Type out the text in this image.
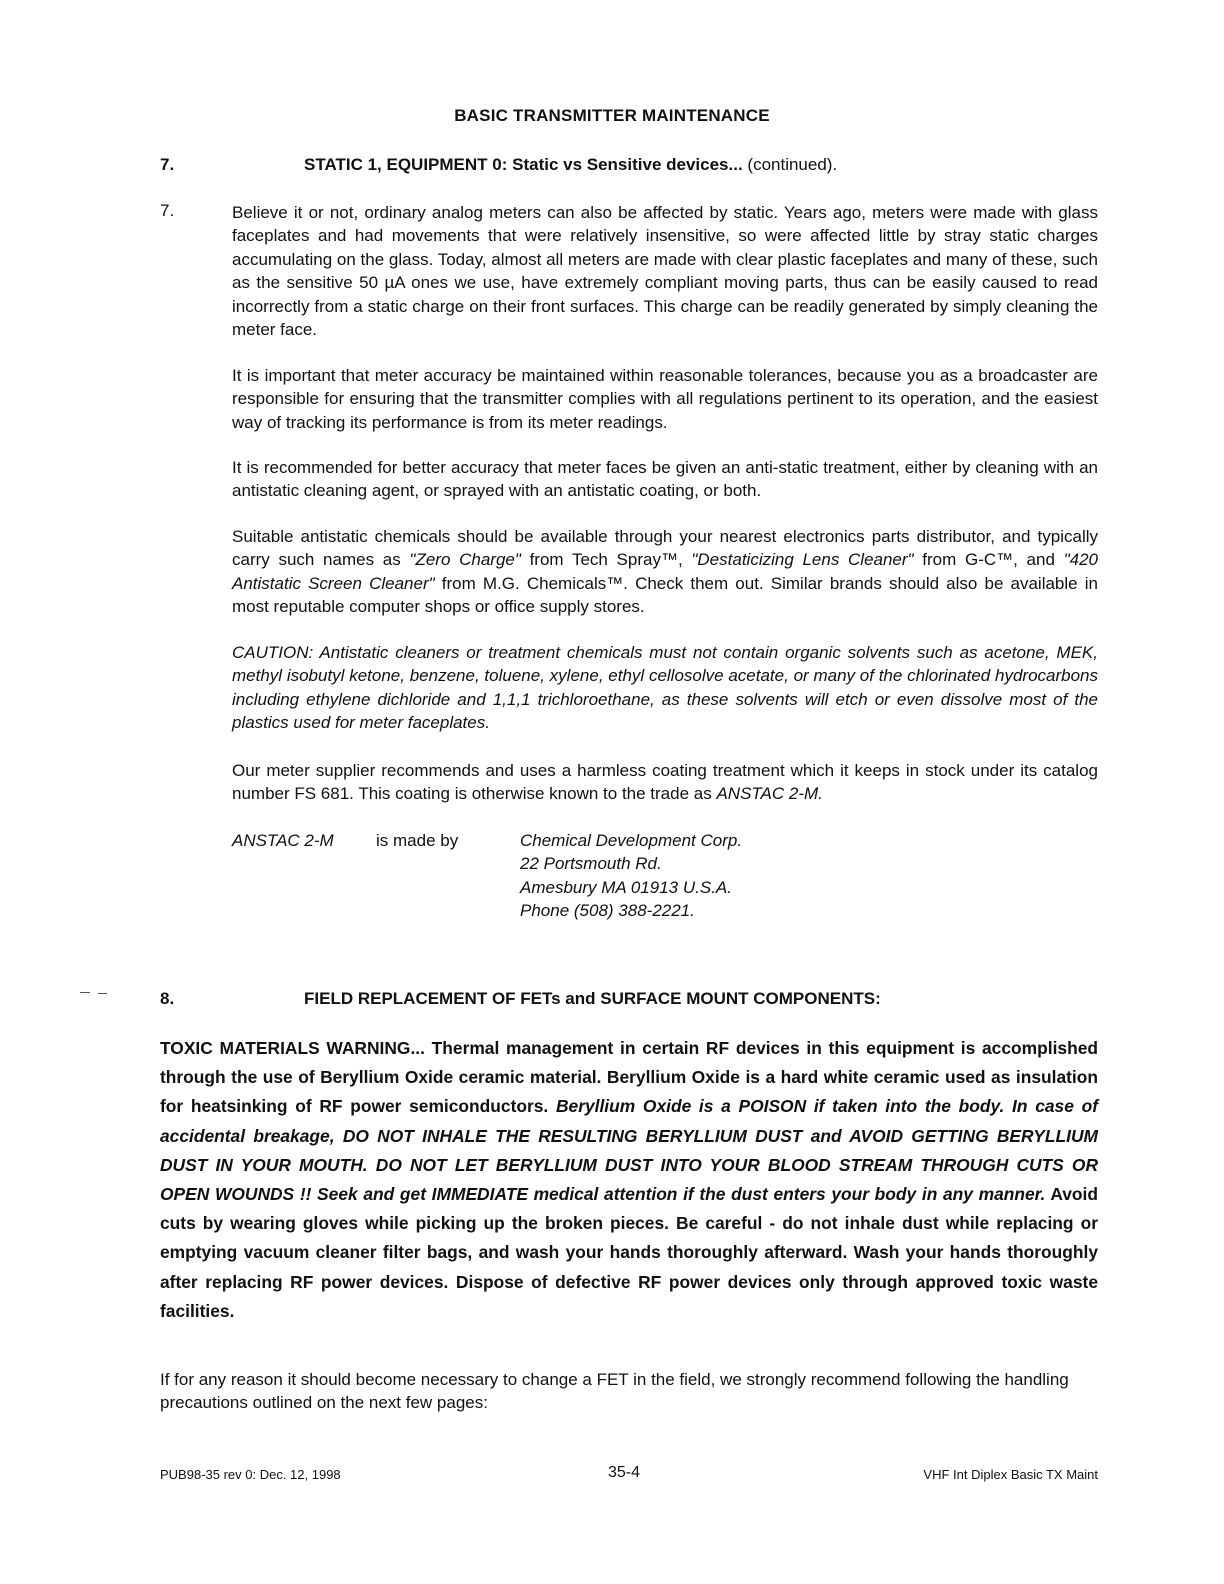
BASIC TRANSMITTER MAINTENANCE
7.	STATIC 1, EQUIPMENT 0: Static vs Sensitive devices... (continued).
7.	Believe it or not, ordinary analog meters can also be affected by static. Years ago, meters were made with glass faceplates and had movements that were relatively insensitive, so were affected little by stray static charges accumulating on the glass. Today, almost all meters are made with clear plastic faceplates and many of these, such as the sensitive 50 µA ones we use, have extremely compliant moving parts, thus can be easily caused to read incorrectly from a static charge on their front surfaces. This charge can be readily generated by simply cleaning the meter face.
It is important that meter accuracy be maintained within reasonable tolerances, because you as a broadcaster are responsible for ensuring that the transmitter complies with all regulations pertinent to its operation, and the easiest way of tracking its performance is from its meter readings.
It is recommended for better accuracy that meter faces be given an anti-static treatment, either by cleaning with an antistatic cleaning agent, or sprayed with an antistatic coating, or both.
Suitable antistatic chemicals should be available through your nearest electronics parts distributor, and typically carry such names as "Zero Charge" from Tech Spray™, "Destaticizing Lens Cleaner" from G-C™, and "420 Antistatic Screen Cleaner" from M.G. Chemicals™. Check them out. Similar brands should also be available in most reputable computer shops or office supply stores.
CAUTION: Antistatic cleaners or treatment chemicals must not contain organic solvents such as acetone, MEK, methyl isobutyl ketone, benzene, toluene, xylene, ethyl cellosolve acetate, or many of the chlorinated hydrocarbons including ethylene dichloride and 1,1,1 trichloroethane, as these solvents will etch or even dissolve most of the plastics used for meter faceplates.
Our meter supplier recommends and uses a harmless coating treatment which it keeps in stock under its catalog number FS 681. This coating is otherwise known to the trade as ANSTAC 2-M.
ANSTAC 2-M is made by	Chemical Development Corp.
22 Portsmouth Rd.
Amesbury MA 01913 U.S.A.
Phone (508) 388-2221.
8.	FIELD REPLACEMENT OF FETs and SURFACE MOUNT COMPONENTS:
TOXIC MATERIALS WARNING... Thermal management in certain RF devices in this equipment is accomplished through the use of Beryllium Oxide ceramic material. Beryllium Oxide is a hard white ceramic used as insulation for heatsinking of RF power semiconductors. Beryllium Oxide is a POISON if taken into the body. In case of accidental breakage, DO NOT INHALE THE RESULTING BERYLLIUM DUST and AVOID GETTING BERYLLIUM DUST IN YOUR MOUTH. DO NOT LET BERYLLIUM DUST INTO YOUR BLOOD STREAM THROUGH CUTS OR OPEN WOUNDS !! Seek and get IMMEDIATE medical attention if the dust enters your body in any manner. Avoid cuts by wearing gloves while picking up the broken pieces. Be careful - do not inhale dust while replacing or emptying vacuum cleaner filter bags, and wash your hands thoroughly afterward. Wash your hands thoroughly after replacing RF power devices. Dispose of defective RF power devices only through approved toxic waste facilities.
If for any reason it should become necessary to change a FET in the field, we strongly recommend following the handling precautions outlined on the next few pages:
PUB98-35 rev 0: Dec. 12, 1998	35-4	VHF Int Diplex Basic TX Maint
